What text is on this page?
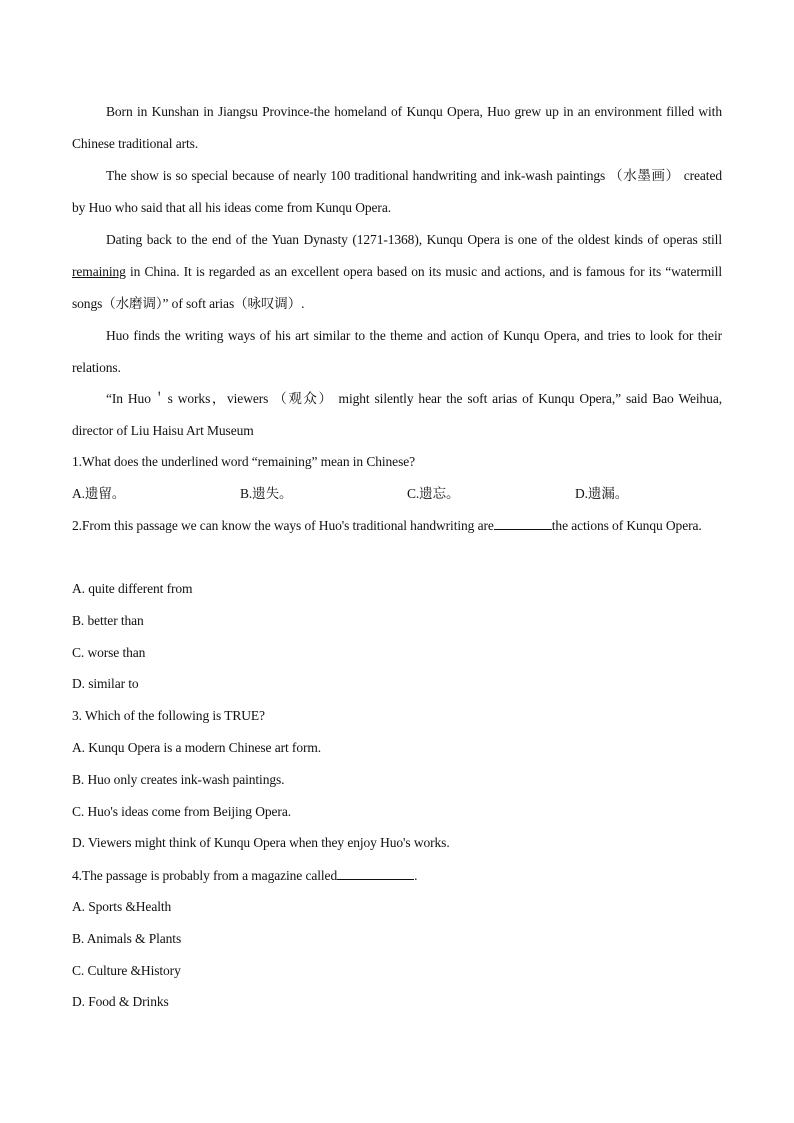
Born in Kunshan in Jiangsu Province-the homeland of Kunqu Opera, Huo grew up in an environment filled with Chinese traditional arts.
The show is so special because of nearly 100 traditional handwriting and ink-wash paintings （水墨画） created by Huo who said that all his ideas come from Kunqu Opera.
Dating back to the end of the Yuan Dynasty (1271-1368), Kunqu Opera is one of the oldest kinds of operas still remaining in China. It is regarded as an excellent opera based on its music and actions, and is famous for its “watermill songs（水磨调）” of soft arias（咏叹调）.
Huo finds the writing ways of his art similar to the theme and action of Kunqu Opera, and tries to look for their relations.
“In Huo＇s works，viewers （观众） might silently hear the soft arias of Kunqu Opera,” said Bao Weihua, director of Liu Haisu Art Museum
1.What does the underlined word “remaining” mean in Chinese?
A.遗留。	B.遗失。	C.遗忘。	D.遗漏。
2.From this passage we can know the ways of Huo's traditional handwriting are	the actions of Kunqu Opera.
A. quite different from
B. better than
C. worse than
D. similar to
3. Which of the following is TRUE?
A. Kunqu Opera is a modern Chinese art form.
B. Huo only creates ink-wash paintings.
C. Huo's ideas come from Beijing Opera.
D. Viewers might think of Kunqu Opera when they enjoy Huo's works.
4.The passage is probably from a magazine called	.
A. Sports &Health
B. Animals & Plants
C. Culture &History
D. Food & Drinks
